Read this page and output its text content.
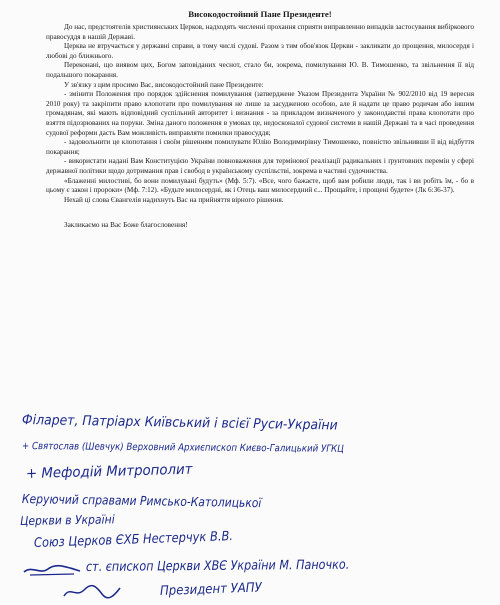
Високодостойний Пане Президенте!

До нас, предстоятелів християнських Церков, надходять численні прохання сприяти виправленню випадків застосування вибіркового правосуддя в нашій Державі.

Церква не втручається у державні справи, в тому числі судові. Разом з тим обов'язок Церкви - закликати до прощення, милосердя і любові до ближнього.

Переконані, що виявом цих, Богом заповіданих чеснот, стало би, зокрема, помилування Ю. В. Тимошенко, та звільнення її від подальшого покарання.

У зв'язку з цим просимо Вас, високодостойний пане Президенте:

- змінити Положення про порядок здійснення помилування (затверджене Указом Президента України № 902/2010 від 19 вересня 2010 року) та закріпити право клопотати про помилування не лише за засудженою особою, але й надати це право родичам або іншим громадянам, які мають відповідний суспільний авторитет і визнання - за прикладом визначеного у законодавстві права клопотати про взяття підозрюваних на поруки. Зміна даного положення в умовах це, недосконалої судової системи в нашій Державі та в часі проведення судової реформи дасть Вам можливість виправляти помилки правосуддя;

- задовольнити це клопотання і своїм рішенням помилувати Юлію Володимирівну Тимошенко, повністю звільнивши її від відбуття покарання;

- використати надані Вам Конституцією України повноваження для термінової реалізації радикальних і ґрунтовних перемін у сфері державної політики щодо дотримання прав і свобод в українському суспільстві, зокрема в частині судочинства.

«Блаженні милостиві, бо вони помилувані будуть» (Мф. 5:7). «Все, чого бажаєте, щоб вам робили люди, так і ви робіть їм, - бо в цьому є закон і пророки» (Мф. 7:12). «Будьте милосердні, як і Отець ваш милосердний є... Прощайте, і прощені будете» (Лк 6:36-37).

Нехай ці слова Євангелія надихнуть Вас на прийняття вірного рішення.

Закликаємо на Вас Боже благословення!

Філарет, Патріарх Київський і всієї Руси-України
+ Святослав (Шевчук) Верховний Архиєпископ Києво-Галицький УГКЦ
+ Мефодій Митрополит
Керуючий справами Римсько-Католицької
Церкви в Україні
Союз Церков ЄХБ Нестерчук В.В.
ст. єпископ Церкви ХВЄ України М. Паночко.
Президент УАПУ
